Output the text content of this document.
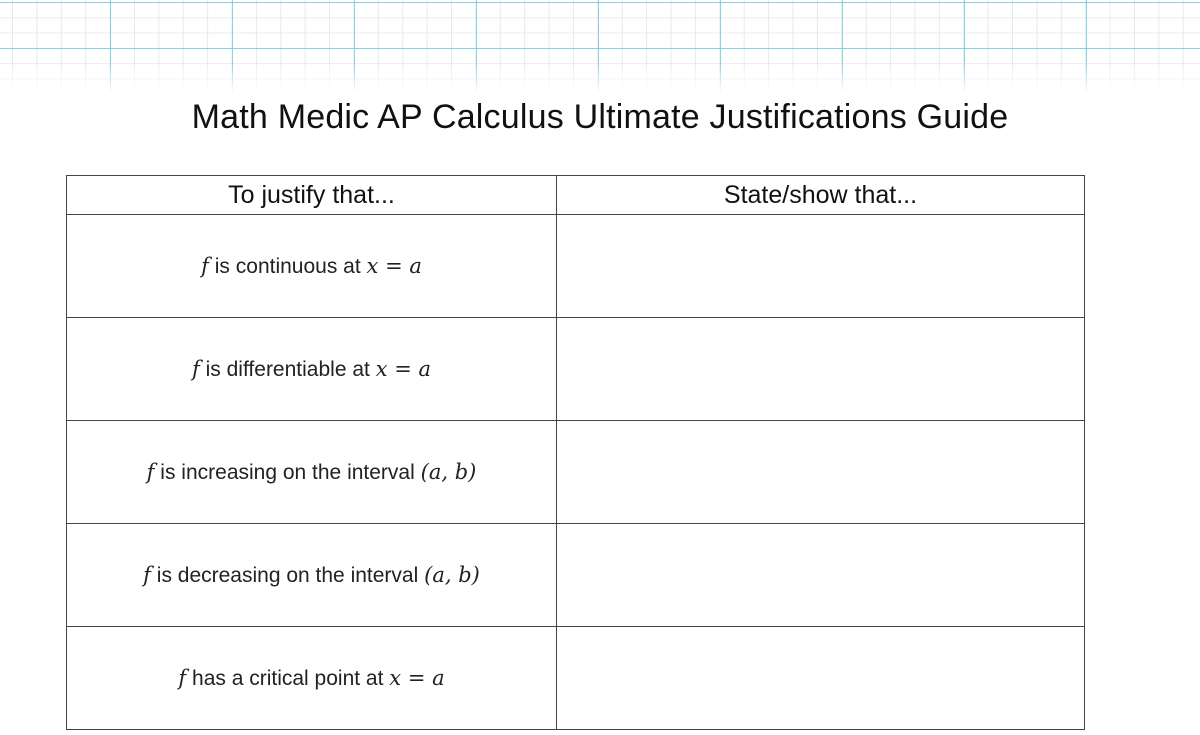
Math Medic AP Calculus Ultimate Justifications Guide
To justify that...	State/show that...
f is continuous at x = a	
f is differentiable at x = a	
f is increasing on the interval (a, b)	
f is decreasing on the interval (a, b)	
f has a critical point at x = a	
